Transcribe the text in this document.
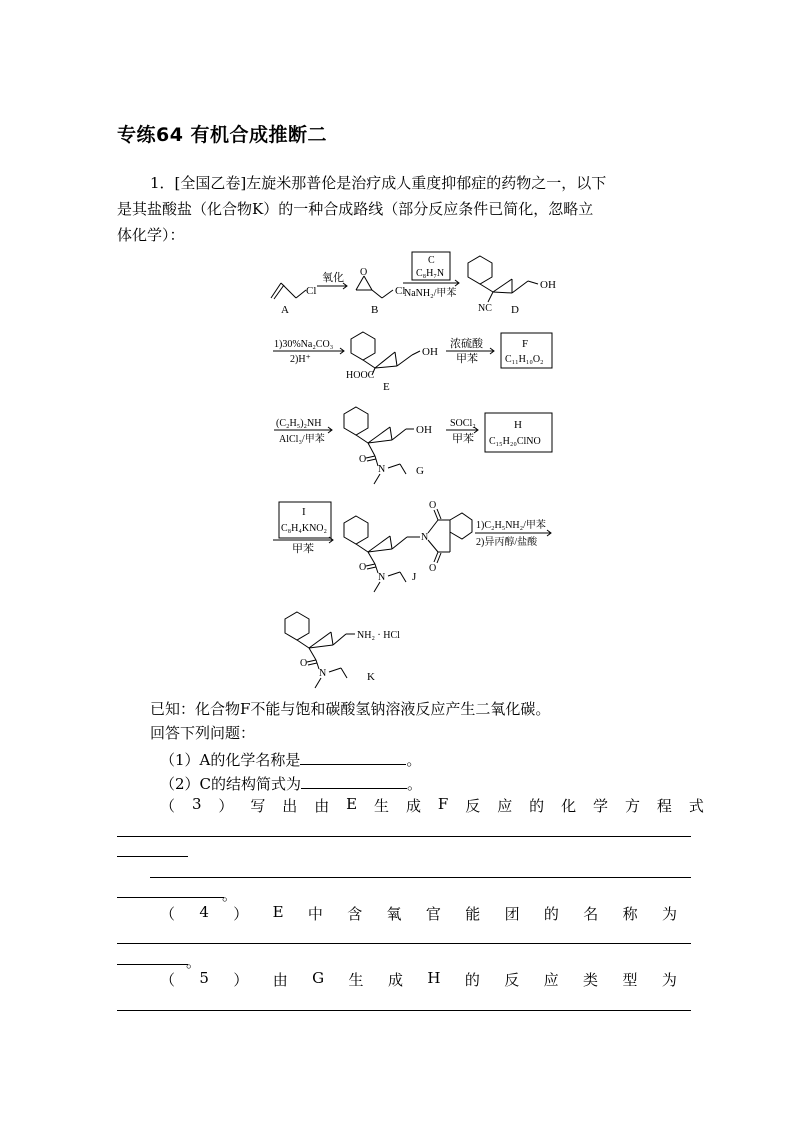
专练64 有机合成推断二
1．[全国乙卷]左旋米那普伦是治疗成人重度抑郁症的药物之一，以下
是其盐酸盐（化合物K）的一种合成路线（部分反应条件已简化，忽略立
体化学）：
氧化
Cl
A
O
Cl
B
C
C₈H₇N
NaNH₂/甲苯
OH
NC D
1)30%Na₂CO₃
2)H⁺
OH
HOOC
E
浓硫酸
甲苯
F
C₁₁H₁₀O₂
(C₂H₅)₂NH
AlCl₃/甲苯
OH
O
N	G
SOCl₂
甲苯
H
C₁₅H₂₀ClNO
I
C₈H₄KNO₂
甲苯
N
O
O
O
N J
1)C₂H₅NH₂/甲苯
2)异丙醇/盐酸
NH₂ · HCl
O
N	K
已知：化合物F不能与饱和碳酸氢钠溶液反应产生二氧化碳。
回答下列问题：
（1）A的化学名称是	。
（2）C的结构简式为	。
（ 3 ） 写 出 由 E 生 成 F 反 应 的 化 学 方 程 式
。
（ 4 ） E 中 含 氧 官 能 团 的 名 称 为
。
（ 5 ） 由 G 生 成 H 的 反 应 类 型 为
